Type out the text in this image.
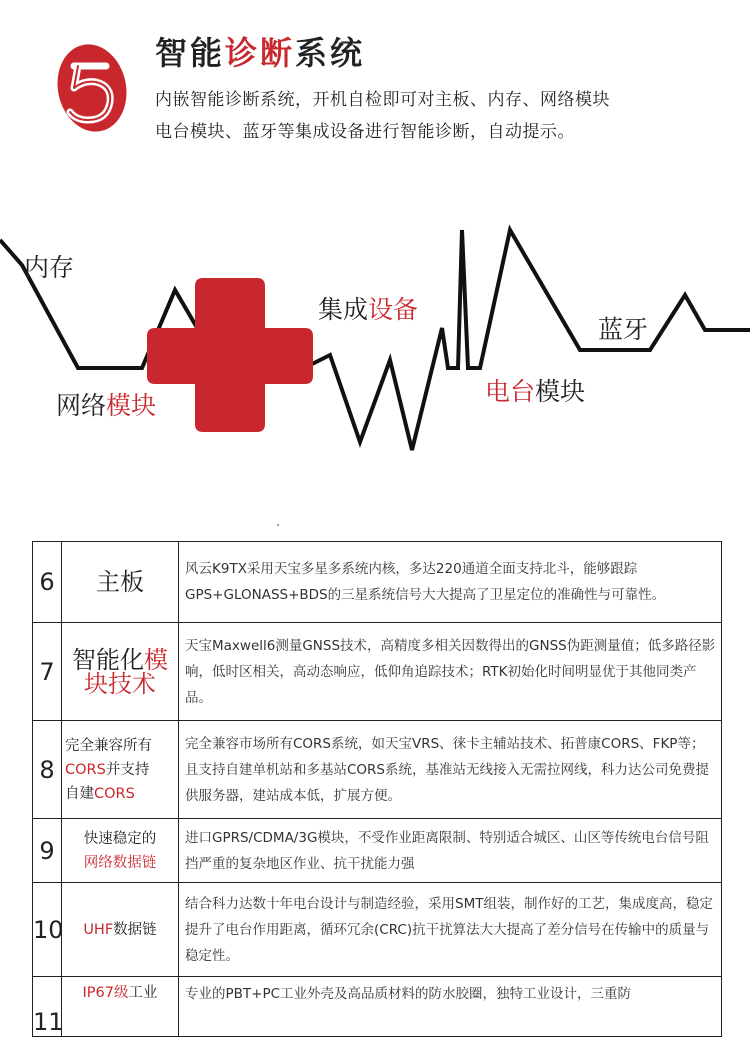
智能诊断系统
内嵌智能诊断系统，开机自检即可对主板、内存、网络模块
电台模块、蓝牙等集成设备进行智能诊断，自动提示。
内存
网络模块
集成设备
电台模块
蓝牙
6	主板	风云K9TX采用天宝多星多系统内核，多达220通道全面支持北斗，能够跟踪GPS+GLONASS+BDS的三星系统信号大大提高了卫星定位的准确性与可靠性。
7	智能化模
块技术	天宝Maxwell6测量GNSS技术，高精度多相关因数得出的GNSS伪距测量值；低多路径影响，低时区相关，高动态响应，低仰角追踪技术；RTK初始化时间明显优于其他同类产品。
8	完全兼容所有
CORS并支持
自建CORS	完全兼容市场所有CORS系统，如天宝VRS、徕卡主辅站技术、拓普康CORS、FKP等；且支持自建单机站和多基站CORS系统，基准站无线接入无需拉网线，科力达公司免费提供服务器，建站成本低，扩展方便。
9	快速稳定的
网络数据链	进口GPRS/CDMA/3G模块，不受作业距离限制、特别适合城区、山区等传统电台信号阻挡严重的复杂地区作业、抗干扰能力强
10	UHF数据链	结合科力达数十年电台设计与制造经验，采用SMT组装，制作好的工艺，集成度高，稳定提升了电台作用距离，循环冗余(CRC)抗干扰算法大大提高了差分信号在传输中的质量与稳定性。
11	IP67级工业	专业的PBT+PC工业外壳及高品质材料的防水胶圈，独特工业设计，三重防
